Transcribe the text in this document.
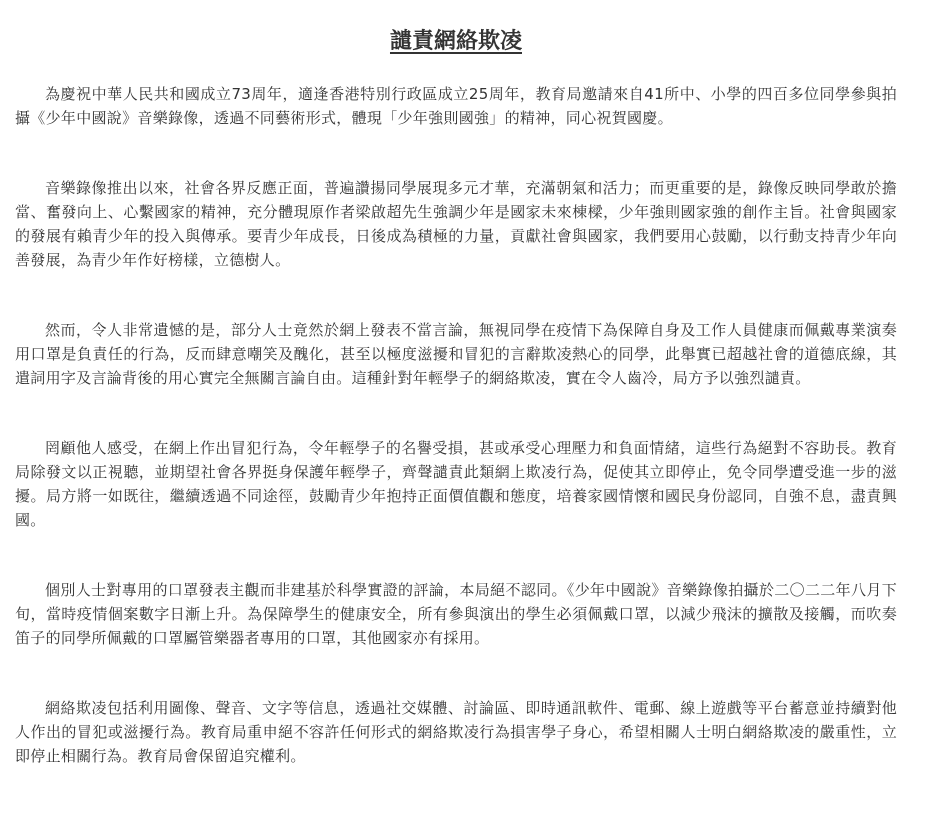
譴責網絡欺凌

為慶祝中華人民共和國成立73周年，適逢香港特別行政區成立25周年，教育局邀請來自41所中、小學的四百多位同學參與拍攝《少年中國說》音樂錄像，透過不同藝術形式，體現「少年強則國強」的精神，同心祝賀國慶。

音樂錄像推出以來，社會各界反應正面，普遍讚揚同學展現多元才華，充滿朝氣和活力；而更重要的是，錄像反映同學敢於擔當、奮發向上、心繫國家的精神，充分體現原作者梁啟超先生強調少年是國家未來棟樑，少年強則國家強的創作主旨。社會與國家的發展有賴青少年的投入與傳承。要青少年成長，日後成為積極的力量，貢獻社會與國家，我們要用心鼓勵，以行動支持青少年向善發展，為青少年作好榜樣，立德樹人。

然而，令人非常遺憾的是，部分人士竟然於網上發表不當言論，無視同學在疫情下為保障自身及工作人員健康而佩戴專業演奏用口罩是負責任的行為，反而肆意嘲笑及醜化，甚至以極度滋擾和冒犯的言辭欺凌熱心的同學，此舉實已超越社會的道德底線，其遣詞用字及言論背後的用心實完全無關言論自由。這種針對年輕學子的網絡欺凌，實在令人齒冷，局方予以強烈譴責。

罔顧他人感受，在網上作出冒犯行為，令年輕學子的名譽受損，甚或承受心理壓力和負面情緒，這些行為絕對不容助長。教育局除發文以正視聽，並期望社會各界挺身保護年輕學子，齊聲譴責此類網上欺凌行為，促使其立即停止，免令同學遭受進一步的滋擾。局方將一如既往，繼續透過不同途徑，鼓勵青少年抱持正面價值觀和態度，培養家國情懷和國民身份認同，自強不息，盡責興國。

個別人士對專用的口罩發表主觀而非建基於科學實證的評論，本局絕不認同。《少年中國說》音樂錄像拍攝於二〇二二年八月下旬，當時疫情個案數字日漸上升。為保障學生的健康安全，所有參與演出的學生必須佩戴口罩，以減少飛沫的擴散及接觸，而吹奏笛子的同學所佩戴的口罩屬管樂器者專用的口罩，其他國家亦有採用。

網絡欺凌包括利用圖像、聲音、文字等信息，透過社交媒體、討論區、即時通訊軟件、電郵、線上遊戲等平台蓄意並持續對他人作出的冒犯或滋擾行為。教育局重申絕不容許任何形式的網絡欺凌行為損害學子身心，希望相關人士明白網絡欺凌的嚴重性，立即停止相關行為。教育局會保留追究權利。
